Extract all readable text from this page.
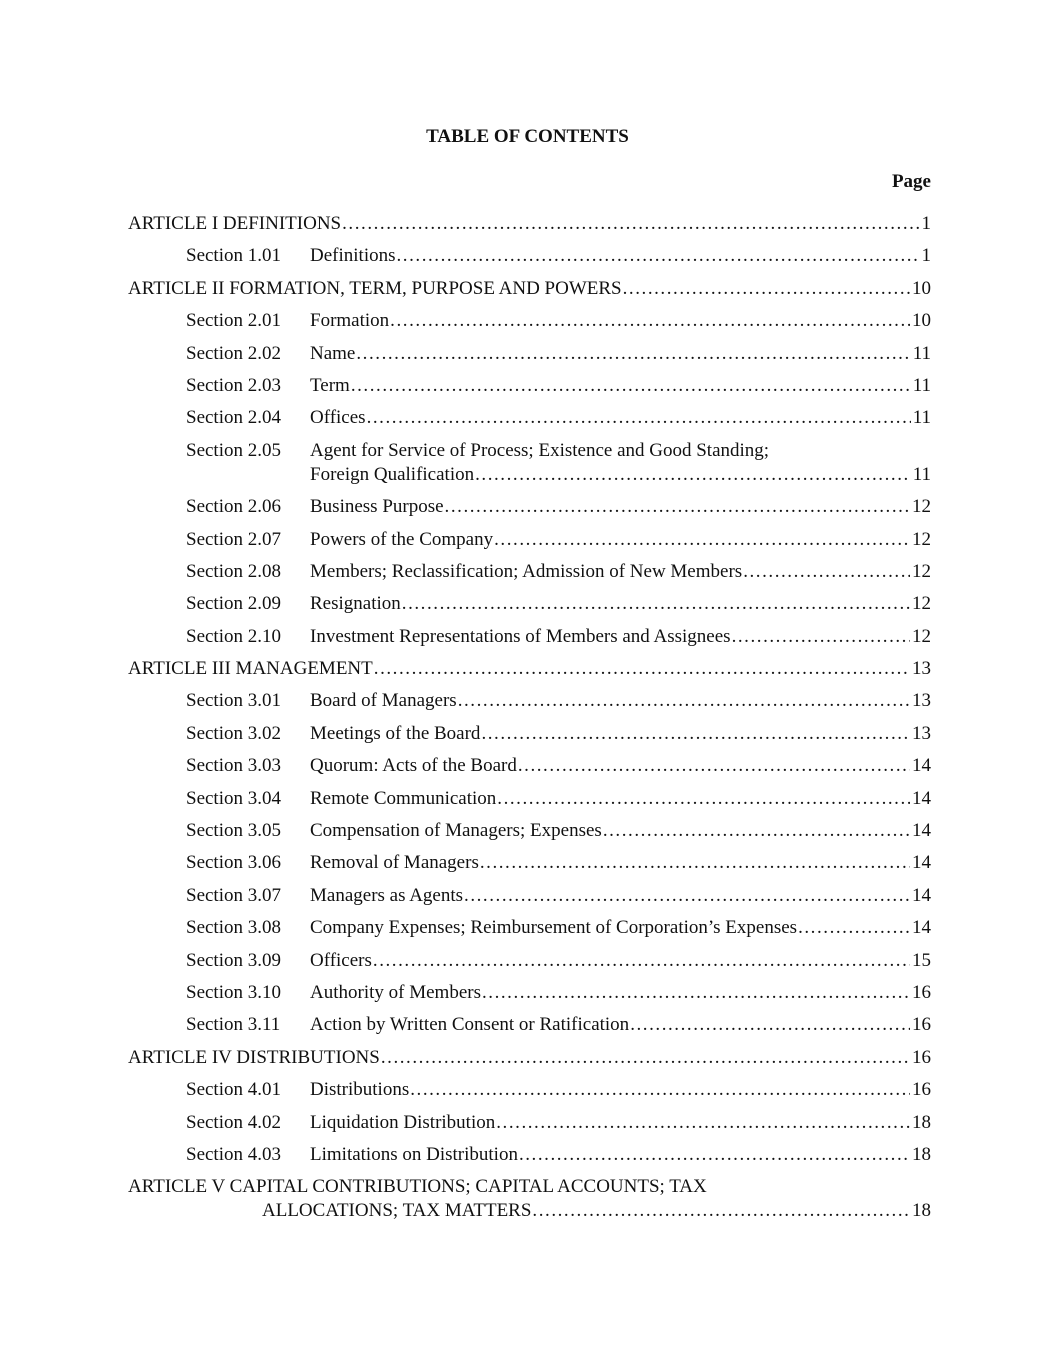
TABLE OF CONTENTS
Page
ARTICLE I DEFINITIONS . . .	1
Section 1.01 Definitions . . .	1
ARTICLE II FORMATION, TERM, PURPOSE AND POWERS . . .	10
Section 2.01 Formation . . .	10
Section 2.02 Name . . .	11
Section 2.03 Term . . .	11
Section 2.04 Offices . . .	11
Section 2.05 Agent for Service of Process; Existence and Good Standing;
Foreign Qualification . . .	11
Section 2.06 Business Purpose . . .	12
Section 2.07 Powers of the Company . . .	12
Section 2.08 Members; Reclassification; Admission of New Members . . .	12
Section 2.09 Resignation . . .	12
Section 2.10 Investment Representations of Members and Assignees . . .	12
ARTICLE III MANAGEMENT . . .	13
Section 3.01 Board of Managers . . .	13
Section 3.02 Meetings of the Board . . .	13
Section 3.03 Quorum: Acts of the Board . . .	14
Section 3.04 Remote Communication . . .	14
Section 3.05 Compensation of Managers; Expenses . . .	14
Section 3.06 Removal of Managers . . .	14
Section 3.07 Managers as Agents . . .	14
Section 3.08 Company Expenses; Reimbursement of Corporation’s Expenses . . .	14
Section 3.09 Officers . . .	15
Section 3.10 Authority of Members . . .	16
Section 3.11 Action by Written Consent or Ratification . . .	16
ARTICLE IV DISTRIBUTIONS . . .	16
Section 4.01 Distributions . . .	16
Section 4.02 Liquidation Distribution . . .	18
Section 4.03 Limitations on Distribution . . .	18
ARTICLE V CAPITAL CONTRIBUTIONS; CAPITAL ACCOUNTS; TAX
ALLOCATIONS; TAX MATTERS . . .	18
